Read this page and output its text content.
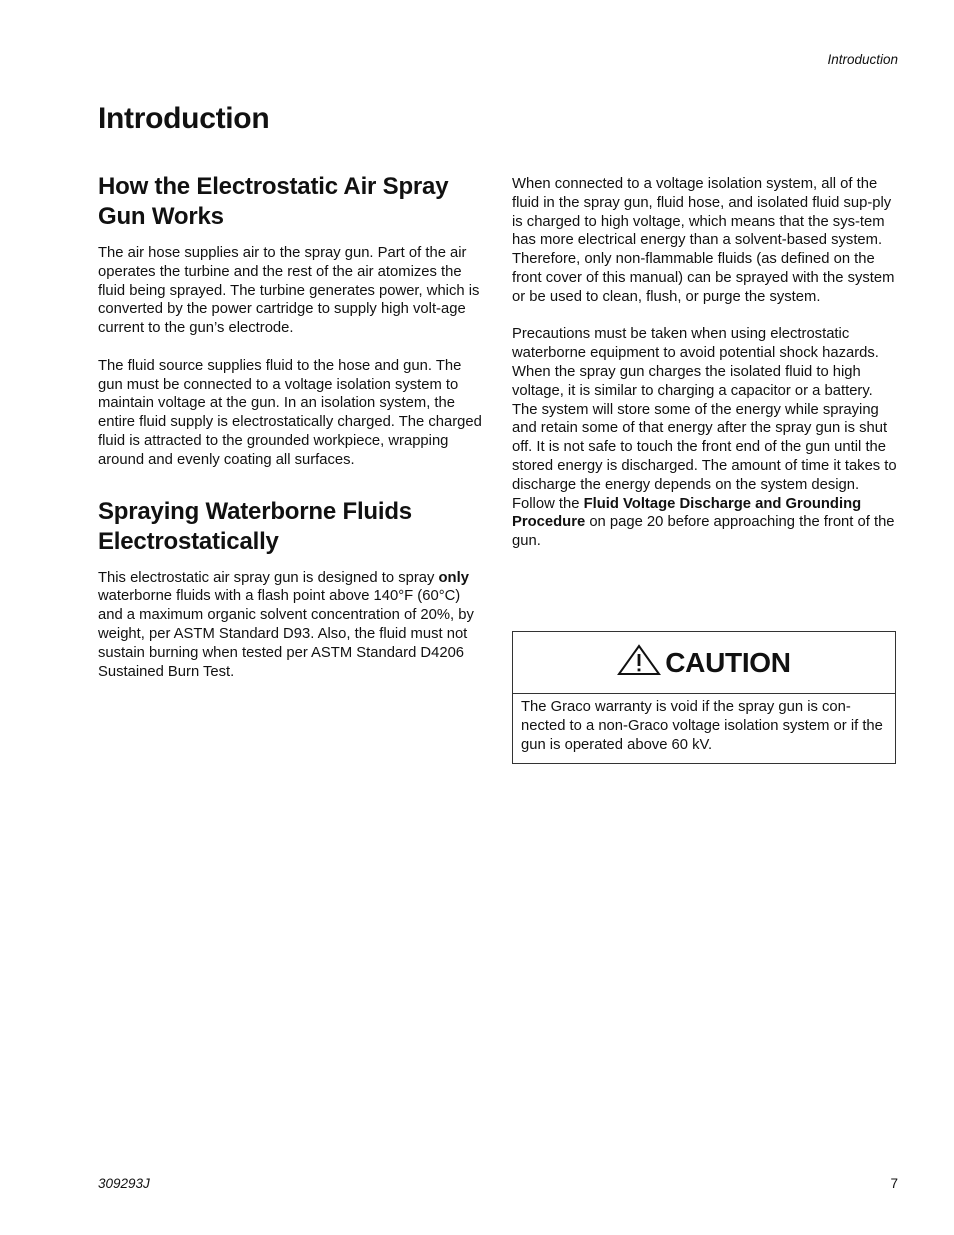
Introduction
Introduction
How the Electrostatic Air Spray Gun Works

The air hose supplies air to the spray gun. Part of the air operates the turbine and the rest of the air atomizes the fluid being sprayed. The turbine generates power, which is converted by the power cartridge to supply high volt-age current to the gun’s electrode.

The fluid source supplies fluid to the hose and gun. The gun must be connected to a voltage isolation system to maintain voltage at the gun. In an isolation system, the entire fluid supply is electrostatically charged. The charged fluid is attracted to the grounded workpiece, wrapping around and evenly coating all surfaces.

Spraying Waterborne Fluids Electrostatically

This electrostatic air spray gun is designed to spray only waterborne fluids with a flash point above 140°F (60°C) and a maximum organic solvent concentration of 20%, by weight, per ASTM Standard D93. Also, the fluid must not sustain burning when tested per ASTM Standard D4206 Sustained Burn Test.

When connected to a voltage isolation system, all of the fluid in the spray gun, fluid hose, and isolated fluid sup-ply is charged to high voltage, which means that the sys-tem has more electrical energy than a solvent-based system. Therefore, only non-flammable fluids (as defined on the front cover of this manual) can be sprayed with the system or be used to clean, flush, or purge the system.

Precautions must be taken when using electrostatic waterborne equipment to avoid potential shock hazards. When the spray gun charges the isolated fluid to high voltage, it is similar to charging a capacitor or a battery. The system will store some of the energy while spraying and retain some of that energy after the spray gun is shut off. It is not safe to touch the front end of the gun until the stored energy is discharged. The amount of time it takes to discharge the energy depends on the system design. Follow the Fluid Voltage Discharge and Grounding Procedure on page 20 before approaching the front of the gun.

CAUTION

The Graco warranty is void if the spray gun is con-nected to a non-Graco voltage isolation system or if the gun is operated above 60 kV.

309293J	7
